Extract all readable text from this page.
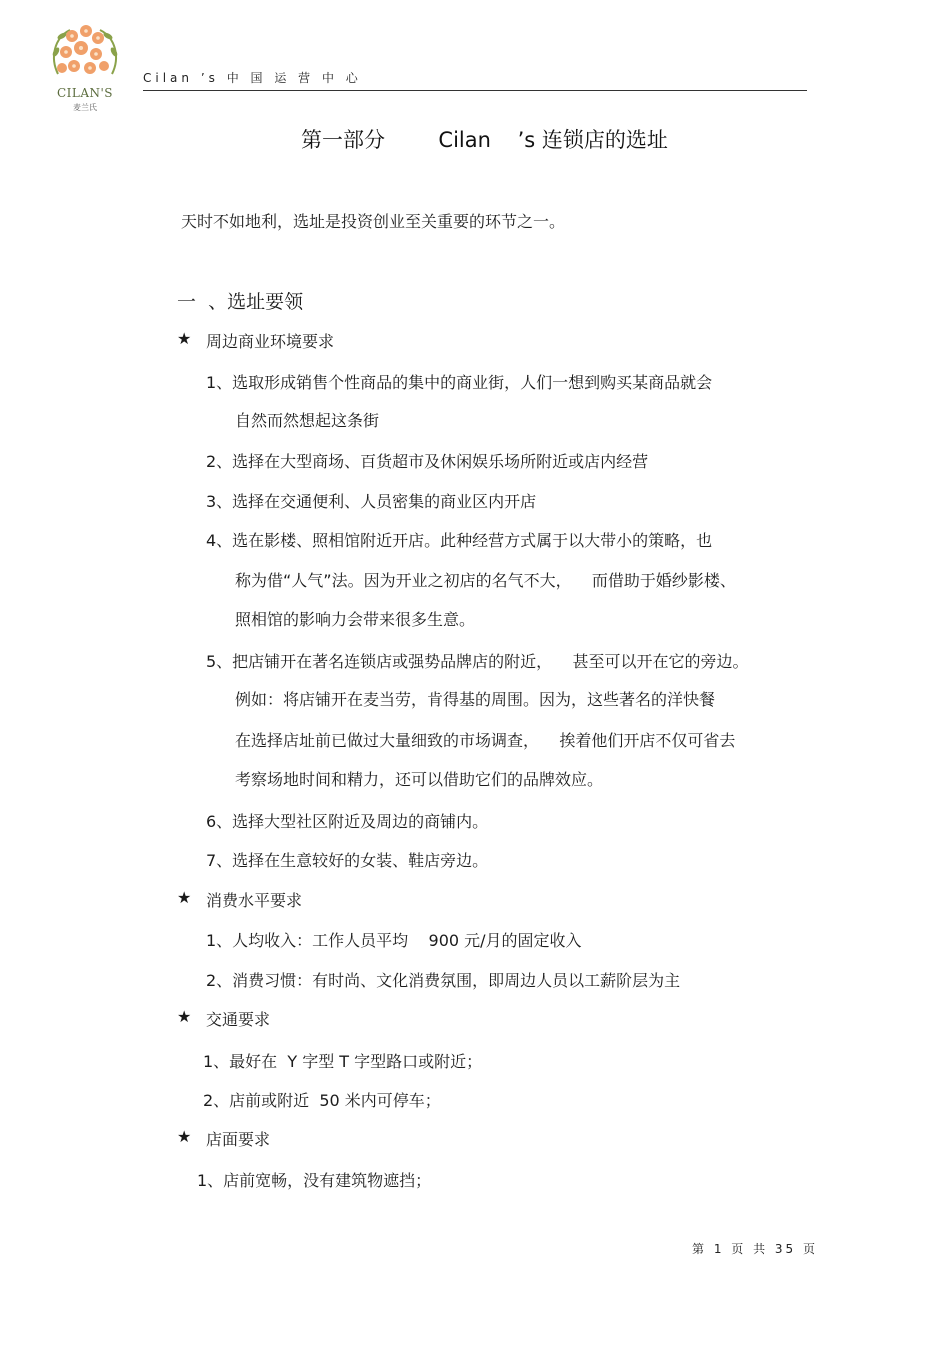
CILAN'S
麦兰氏
Cilan ’s 中 国 运 营 中 心
第一部分        Cilan    ’s 连锁店的选址
天时不如地利，选址是投资创业至关重要的环节之一。
一  、选址要领
★ 周边商业环境要求
1、选取形成销售个性商品的集中的商业街，人们一想到购买某商品就会
自然而然想起这条街
2、选择在大型商场、百货超市及休闲娱乐场所附近或店内经营
3、选择在交通便利、人员密集的商业区内开店
4、选在影楼、照相馆附近开店。此种经营方式属于以大带小的策略，也
称为借“人气”法。因为开业之初店的名气不大，    而借助于婚纱影楼、
照相馆的影响力会带来很多生意。
5、把店铺开在著名连锁店或强势品牌店的附近，    甚至可以开在它的旁边。
例如：将店铺开在麦当劳，肯得基的周围。因为，这些著名的洋快餐
在选择店址前已做过大量细致的市场调查，    挨着他们开店不仅可省去
考察场地时间和精力，还可以借助它们的品牌效应。
6、选择大型社区附近及周边的商铺内。
7、选择在生意较好的女装、鞋店旁边。
★ 消费水平要求
1、人均收入：工作人员平均    900 元/月的固定收入
2、消费习惯：有时尚、文化消费氛围，即周边人员以工薪阶层为主
★ 交通要求
1、最好在  Y 字型 T 字型路口或附近；
2、店前或附近  50 米内可停车；
★ 店面要求
1、店前宽畅，没有建筑物遮挡；
第 1 页 共 35 页
